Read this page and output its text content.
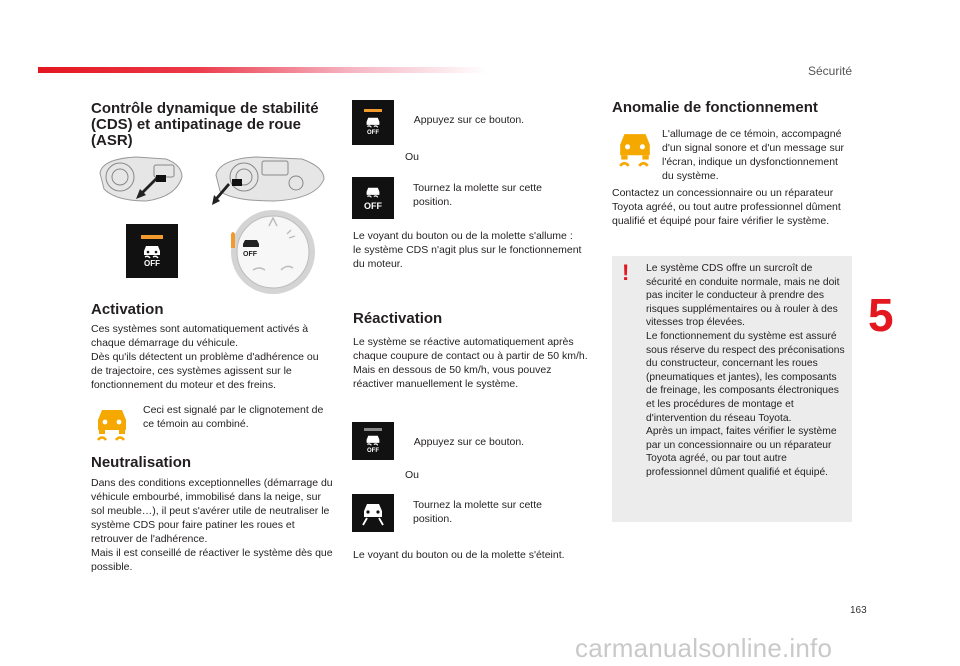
Sécurité
5
163
carmanualsonline.info
Contrôle dynamique de stabilité (CDS) et antipatinage de roue (ASR)
OFF
OFF
Activation
Ces systèmes sont automatiquement activés à chaque démarrage du véhicule.
Dès qu'ils détectent un problème d'adhérence ou de trajectoire, ces systèmes agissent sur le fonctionnement du moteur et des freins.
Ceci est signalé par le clignotement de ce témoin au combiné.
Neutralisation
Dans des conditions exceptionnelles (démarrage du véhicule embourbé, immobilisé dans la neige, sur sol meuble…), il peut s'avérer utile de neutraliser le système CDS pour faire patiner les roues et retrouver de l'adhérence.
Mais il est conseillé de réactiver le système dès que possible.
OFF
Appuyez sur ce bouton.
Ou
OFF
Tournez la molette sur cette position.
Le voyant du bouton ou de la molette s'allume : le système CDS n'agit plus sur le fonctionnement du moteur.
Réactivation
Le système se réactive automatiquement après chaque coupure de contact ou à partir de 50 km/h.
Mais en dessous de 50 km/h, vous pouvez réactiver manuellement le système.
OFF
Appuyez sur ce bouton.
Ou
Tournez la molette sur cette position.
Le voyant du bouton ou de la molette s'éteint.
Anomalie de fonctionnement
L'allumage de ce témoin, accompagné d'un signal sonore et d'un message sur l'écran, indique un dysfonctionnement du système.
Contactez un concessionnaire ou un réparateur Toyota agréé, ou tout autre professionnel dûment qualifié et équipé pour faire vérifier le système.
! Le système CDS offre un surcroît de sécurité en conduite normale, mais ne doit pas inciter le conducteur à prendre des risques supplémentaires ou à rouler à des vitesses trop élevées.
Le fonctionnement du système est assuré sous réserve du respect des préconisations du constructeur, concernant les roues (pneumatiques et jantes), les composants de freinage, les composants électroniques et les procédures de montage et d'intervention du réseau Toyota.
Après un impact, faites vérifier le système par un concessionnaire ou un réparateur Toyota agréé, ou par tout autre professionnel dûment qualifié et équipé.
